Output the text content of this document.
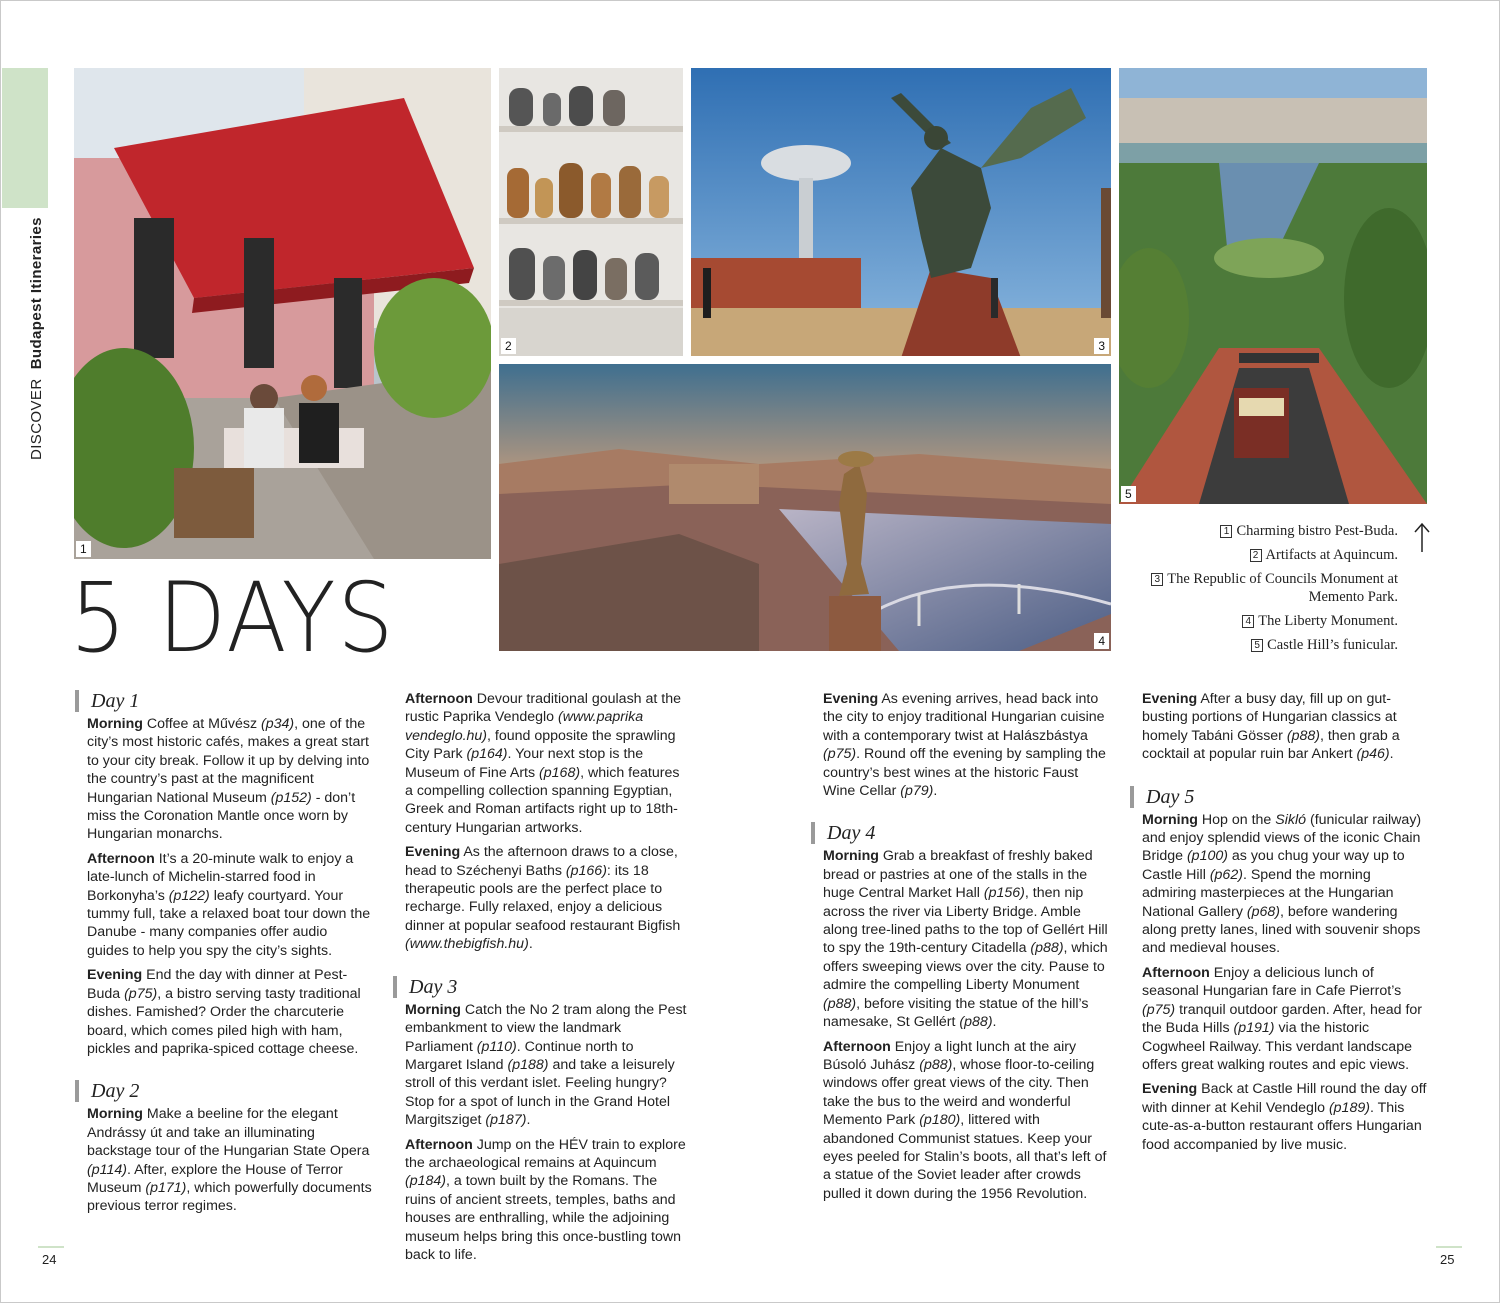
DISCOVER  Budapest Itineraries
1
2	3
4
5
5 DAYS
1 Charming bistro Pest-Buda.
2 Artifacts at Aquincum.
3 The Republic of Councils Monument at Memento Park.
4 The Liberty Monument.
5 Castle Hill’s funicular.
Day 1

Morning Coffee at Művész (p34), one of the city’s most historic cafés, makes a great start to your city break. Follow it up by delving into the country’s past at the magnificent Hungarian National Museum (p152) - don’t miss the Coronation Mantle once worn by Hungarian monarchs.

Afternoon It’s a 20-minute walk to enjoy a late-lunch of Michelin-starred food in Borkonyha’s (p122) leafy courtyard. Your tummy full, take a relaxed boat tour down the Danube - many companies offer audio guides to help you spy the city’s sights.

Evening End the day with dinner at Pest-Buda (p75), a bistro serving tasty traditional dishes. Famished? Order the charcuterie board, which comes piled high with ham, pickles and paprika-spiced cottage cheese.

Day 2

Morning Make a beeline for the elegant Andrássy út and take an illuminating backstage tour of the Hungarian State Opera (p114). After, explore the House of Terror Museum (p171), which powerfully documents previous terror regimes.

Afternoon Devour traditional goulash at the rustic Paprika Vendeglo (www.paprika vendeglo.hu), found opposite the sprawling City Park (p164). Your next stop is the Museum of Fine Arts (p168), which features a compelling collection spanning Egyptian, Greek and Roman artifacts right up to 18th-century Hungarian artworks.

Evening As the afternoon draws to a close, head to Széchenyi Baths (p166): its 18 therapeutic pools are the perfect place to recharge. Fully relaxed, enjoy a delicious dinner at popular seafood restaurant Bigfish (www.thebigfish.hu).

Day 3

Morning Catch the No 2 tram along the Pest embankment to view the landmark Parliament (p110). Continue north to Margaret Island (p188) and take a leisurely stroll of this verdant islet. Feeling hungry? Stop for a spot of lunch in the Grand Hotel Margitsziget (p187).

Afternoon Jump on the HÉV train to explore the archaeological remains at Aquincum (p184), a town built by the Romans. The ruins of ancient streets, temples, baths and houses are enthralling, while the adjoining museum helps bring this once-bustling town back to life.

Evening As evening arrives, head back into the city to enjoy traditional Hungarian cuisine with a contemporary twist at Halászbástya (p75). Round off the evening by sampling the country’s best wines at the historic Faust Wine Cellar (p79).

Day 4

Morning Grab a breakfast of freshly baked bread or pastries at one of the stalls in the huge Central Market Hall (p156), then nip across the river via Liberty Bridge. Amble along tree-lined paths to the top of Gellért Hill to spy the 19th-century Citadella (p88), which offers sweeping views over the city. Pause to admire the compelling Liberty Monument (p88), before visiting the statue of the hill’s namesake, St Gellért (p88).

Afternoon Enjoy a light lunch at the airy Búsoló Juhász (p88), whose floor-to-ceiling windows offer great views of the city. Then take the bus to the weird and wonderful Memento Park (p180), littered with abandoned Communist statues. Keep your eyes peeled for Stalin’s boots, all that’s left of a statue of the Soviet leader after crowds pulled it down during the 1956 Revolution.

Evening After a busy day, fill up on gut-busting portions of Hungarian classics at homely Tabáni Gösser (p88), then grab a cocktail at popular ruin bar Ankert (p46).

Day 5

Morning Hop on the Sikló (funicular railway) and enjoy splendid views of the iconic Chain Bridge (p100) as you chug your way up to Castle Hill (p62). Spend the morning admiring masterpieces at the Hungarian National Gallery (p68), before wandering along pretty lanes, lined with souvenir shops and medieval houses.

Afternoon Enjoy a delicious lunch of seasonal Hungarian fare in Cafe Pierrot’s (p75) tranquil outdoor garden. After, head for the Buda Hills (p191) via the historic Cogwheel Railway. This verdant landscape offers great walking routes and epic views.

Evening Back at Castle Hill round the day off with dinner at Kehil Vendeglo (p189). This cute-as-a-button restaurant offers Hungarian food accompanied by live music.

24	25
